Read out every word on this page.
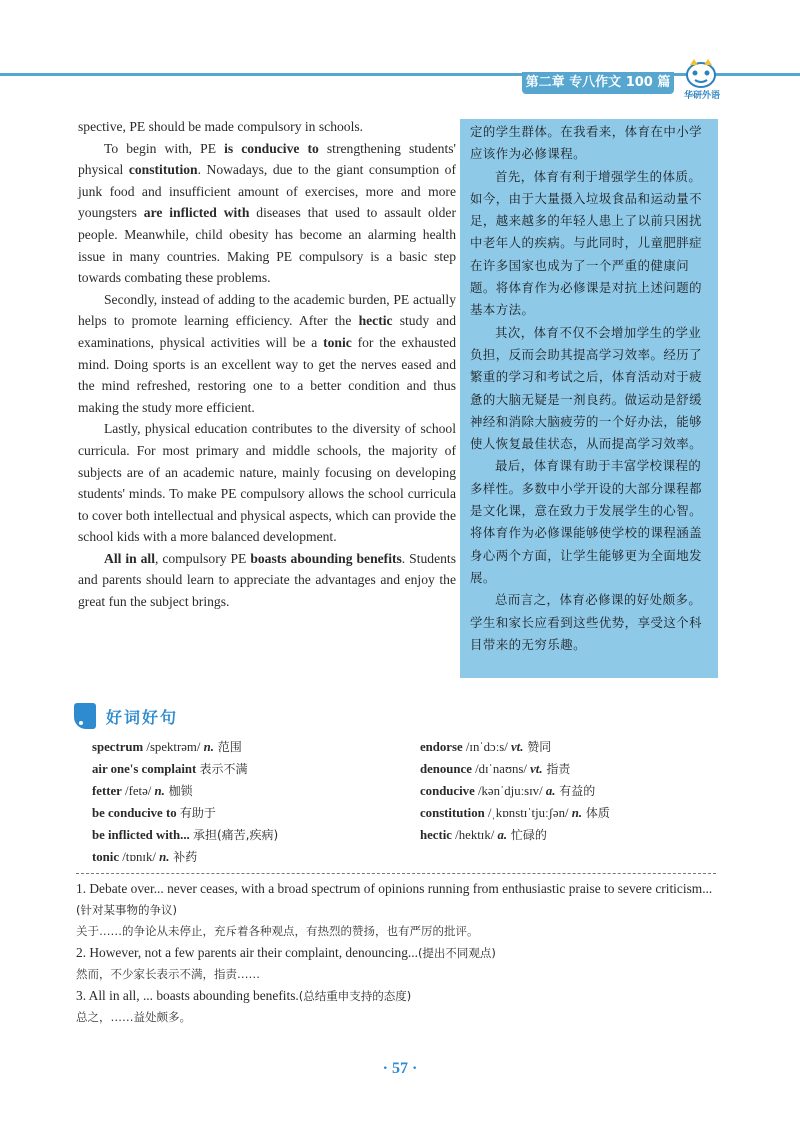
第二章 专八作文 100 篇
华研外语

spective, PE should be made compulsory in schools.

To begin with, PE is conducive to strengthening students' physical constitution. Nowadays, due to the giant consumption of junk food and insufficient amount of exercises, more and more youngsters are inflicted with diseases that used to assault older people. Meanwhile, child obesity has become an alarming health issue in many countries. Making PE compulsory is a basic step towards combating these problems.

Secondly, instead of adding to the academic burden, PE actually helps to promote learning efficiency. After the hectic study and examinations, physical activities will be a tonic for the exhausted mind. Doing sports is an excellent way to get the nerves eased and the mind refreshed, restoring one to a better condition and thus making the study more efficient.

Lastly, physical education contributes to the diversity of school curricula. For most primary and middle schools, the majority of subjects are of an academic nature, mainly focusing on developing students' minds. To make PE compulsory allows the school curricula to cover both intellectual and physical aspects, which can provide the school kids with a more balanced development.

All in all, compulsory PE boasts abounding benefits. Students and parents should learn to appreciate the advantages and enjoy the great fun the subject brings.

定的学生群体。在我看来，体育在中小学应该作为必修课程。

首先，体育有利于增强学生的体质。如今，由于大量摄入垃圾食品和运动量不足，越来越多的年轻人患上了以前只困扰中老年人的疾病。与此同时，儿童肥胖症在许多国家也成为了一个严重的健康问题。将体育作为必修课是对抗上述问题的基本方法。

其次，体育不仅不会增加学生的学业负担，反而会助其提高学习效率。经历了繁重的学习和考试之后，体育活动对于疲惫的大脑无疑是一剂良药。做运动是舒缓神经和消除大脑疲劳的一个好办法，能够使人恢复最佳状态，从而提高学习效率。

最后，体育课有助于丰富学校课程的多样性。多数中小学开设的大部分课程都是文化课，意在致力于发展学生的心智。将体育作为必修课能够使学校的课程涵盖身心两个方面，让学生能够更为全面地发展。

总而言之，体育必修课的好处颇多。学生和家长应看到这些优势，享受这个科目带来的无穷乐趣。

好词好句
spectrum /spektrəm/ n. 范围
air one's complaint 表示不满
fetter /fetə/ n. 枷锁
be conducive to 有助于
be inflicted with... 承担(痛苦,疾病)
tonic /tɒnɪk/ n. 补药
endorse /ɪnˈdɔːs/ vt. 赞同
denounce /dɪˈnaʊns/ vt. 指责
conducive /kənˈdjuːsɪv/ a. 有益的
constitution /ˌkɒnstɪˈtjuːʃən/ n. 体质
hectic /hektɪk/ a. 忙碌的

1. Debate over... never ceases, with a broad spectrum of opinions running from enthusiastic praise to severe criticism...(针对某事物的争议)

关于……的争论从未停止，充斥着各种观点，有热烈的赞扬，也有严厉的批评。

2. However, not a few parents air their complaint, denouncing...(提出不同观点)

然而，不少家长表示不满，指责……

3. All in all, ... boasts abounding benefits.(总结重申支持的态度)

总之，……益处颇多。

· 57 ·
